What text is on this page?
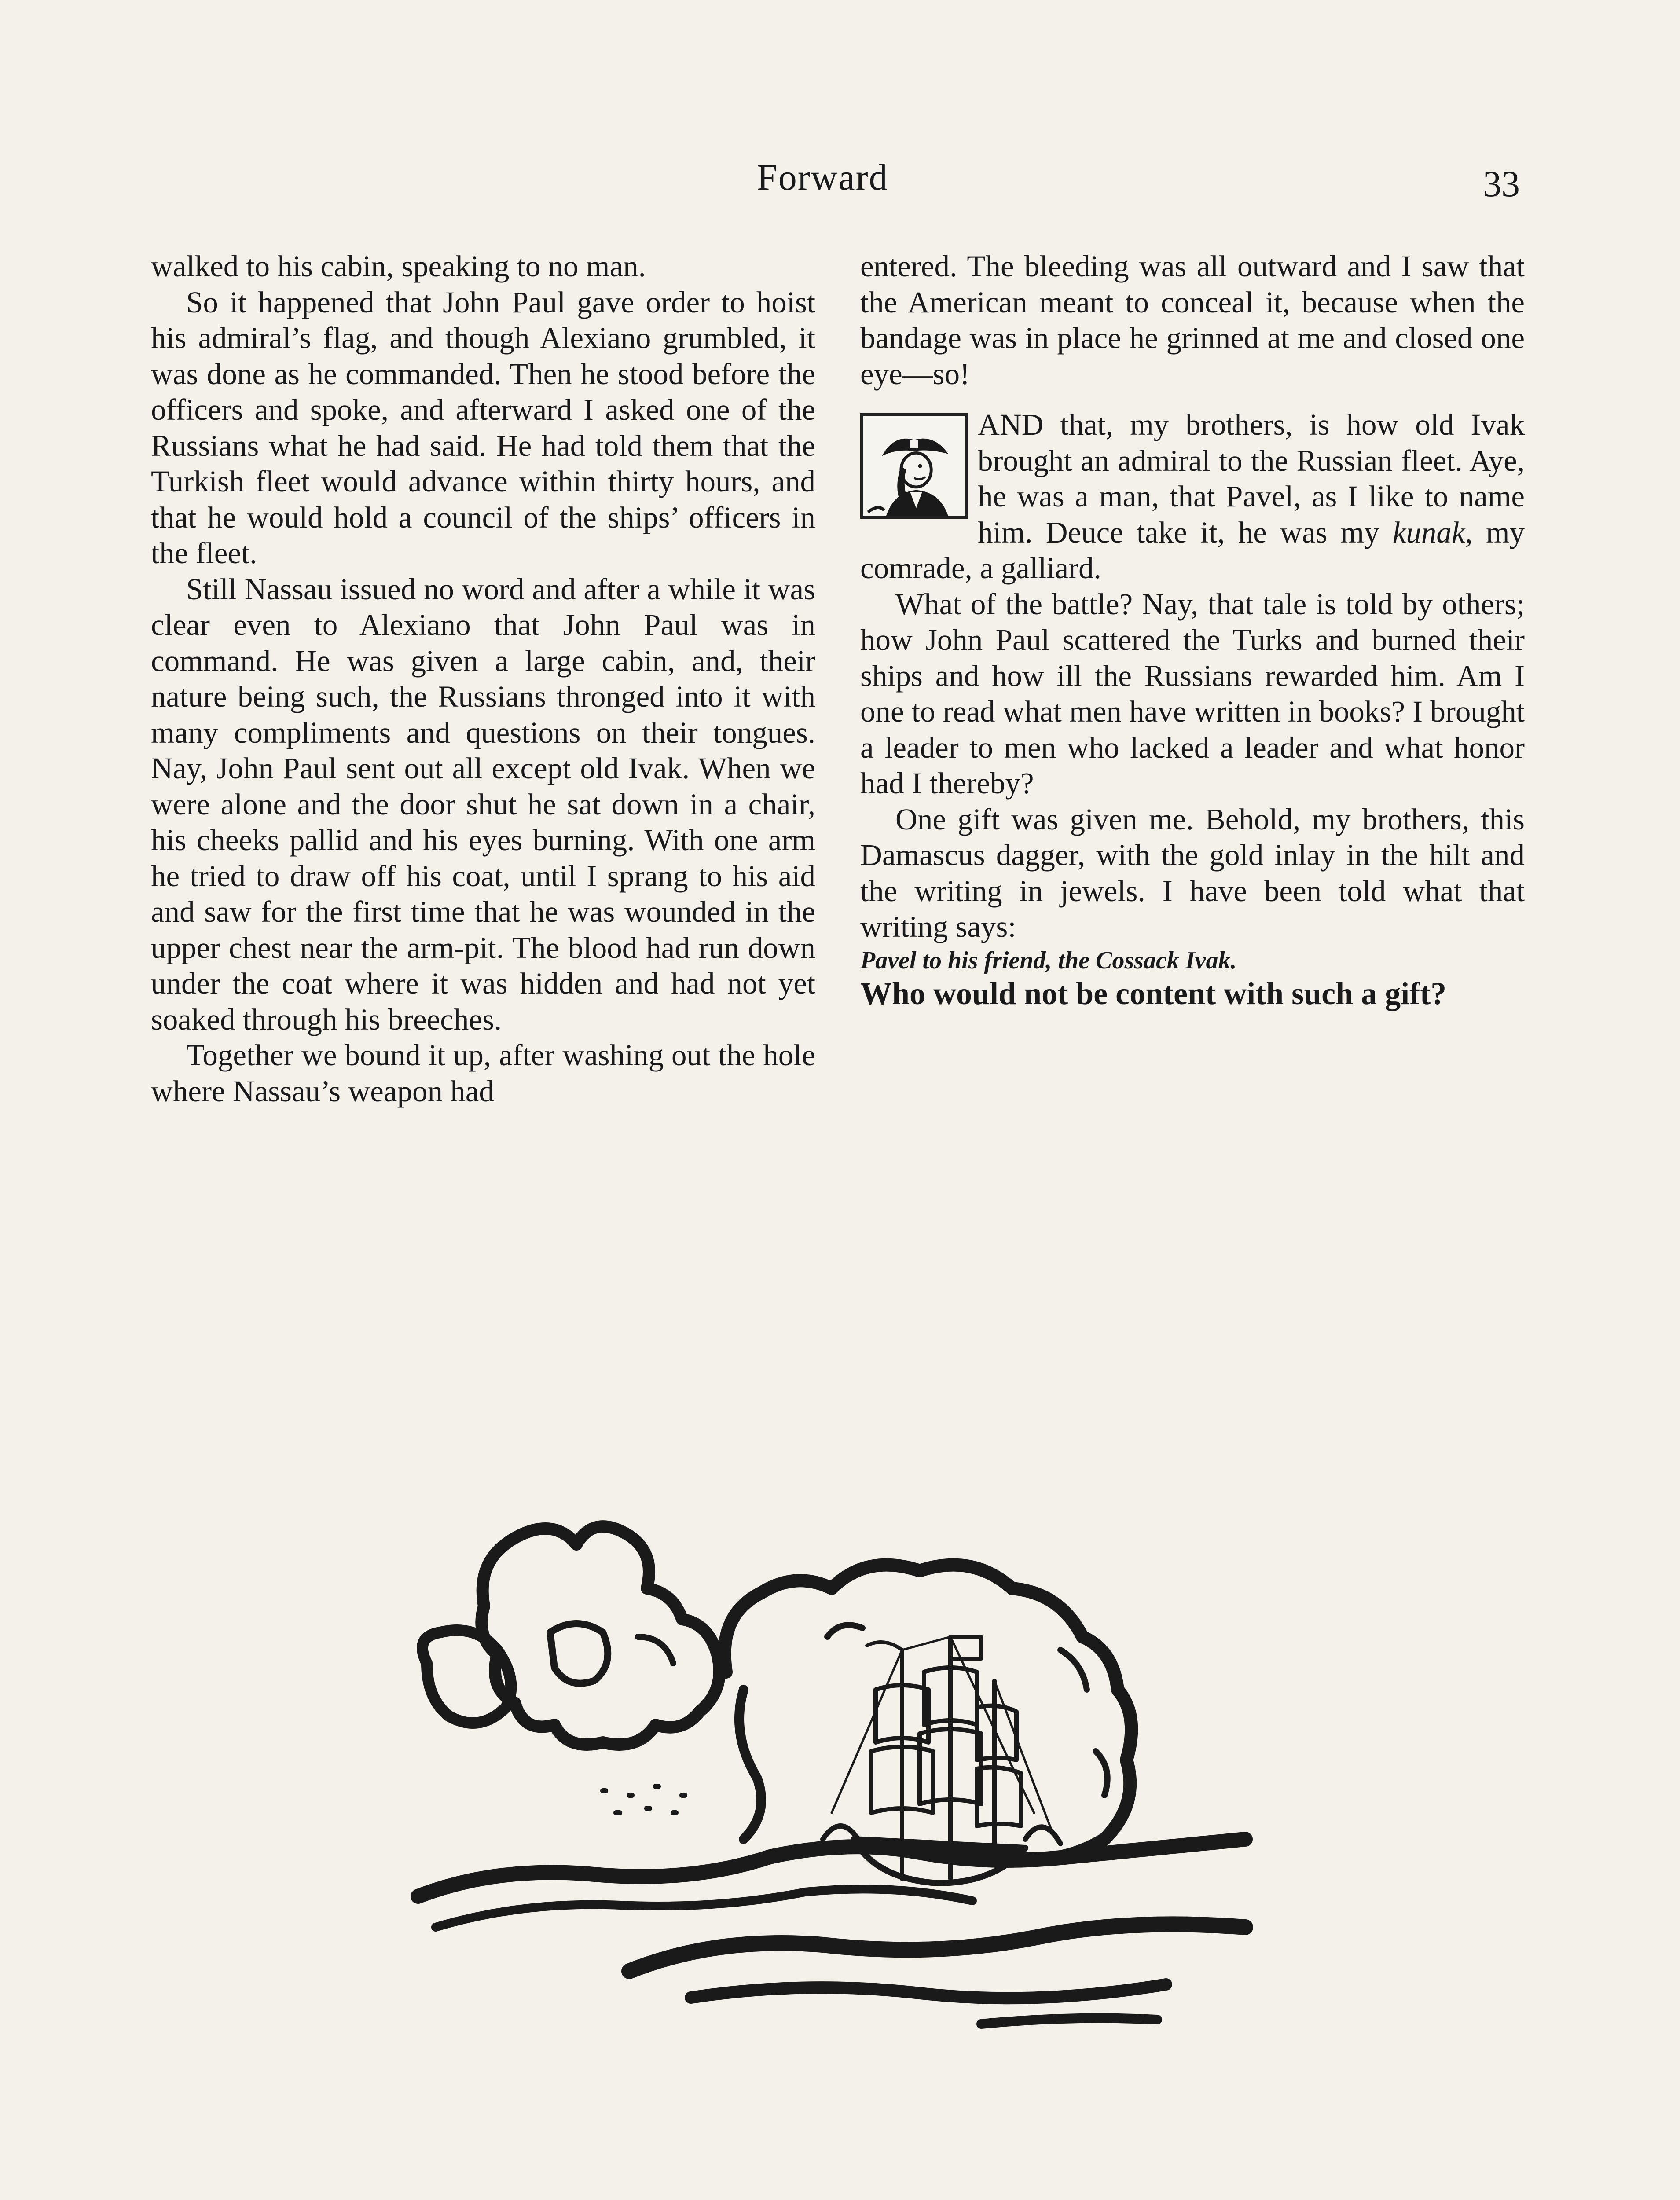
Forward	33

walked to his cabin, speaking to no man.

So it happened that John Paul gave order to hoist his admiral’s flag, and though Alexiano grumbled, it was done as he commanded. Then he stood before the officers and spoke, and afterward I asked one of the Russians what he had said. He had told them that the Turkish fleet would advance within thirty hours, and that he would hold a council of the ships’ officers in the fleet.

Still Nassau issued no word and after a while it was clear even to Alexiano that John Paul was in command. He was given a large cabin, and, their nature being such, the Russians thronged into it with many compliments and questions on their tongues. Nay, John Paul sent out all except old Ivak. When we were alone and the door shut he sat down in a chair, his cheeks pallid and his eyes burning. With one arm he tried to draw off his coat, until I sprang to his aid and saw for the first time that he was wounded in the upper chest near the arm-pit. The blood had run down under the coat where it was hidden and had not yet soaked through his breeches.

Together we bound it up, after washing out the hole where Nassau’s weapon had

entered. The bleeding was all outward and I saw that the American meant to conceal it, because when the bandage was in place he grinned at me and closed one eye—so!

AND that, my brothers, is how old Ivak brought an admiral to the Russian fleet. Aye, he was a man, that Pavel, as I like to name him. Deuce take it, he was my kunak, my comrade, a galliard.

What of the battle? Nay, that tale is told by others; how John Paul scattered the Turks and burned their ships and how ill the Russians rewarded him. Am I one to read what men have written in books? I brought a leader to men who lacked a leader and what honor had I thereby?

One gift was given me. Behold, my brothers, this Damascus dagger, with the gold inlay in the hilt and the writing in jewels. I have been told what that writing says:

Pavel to his friend, the Cossack Ivak.

Who would not be content with such a gift?
